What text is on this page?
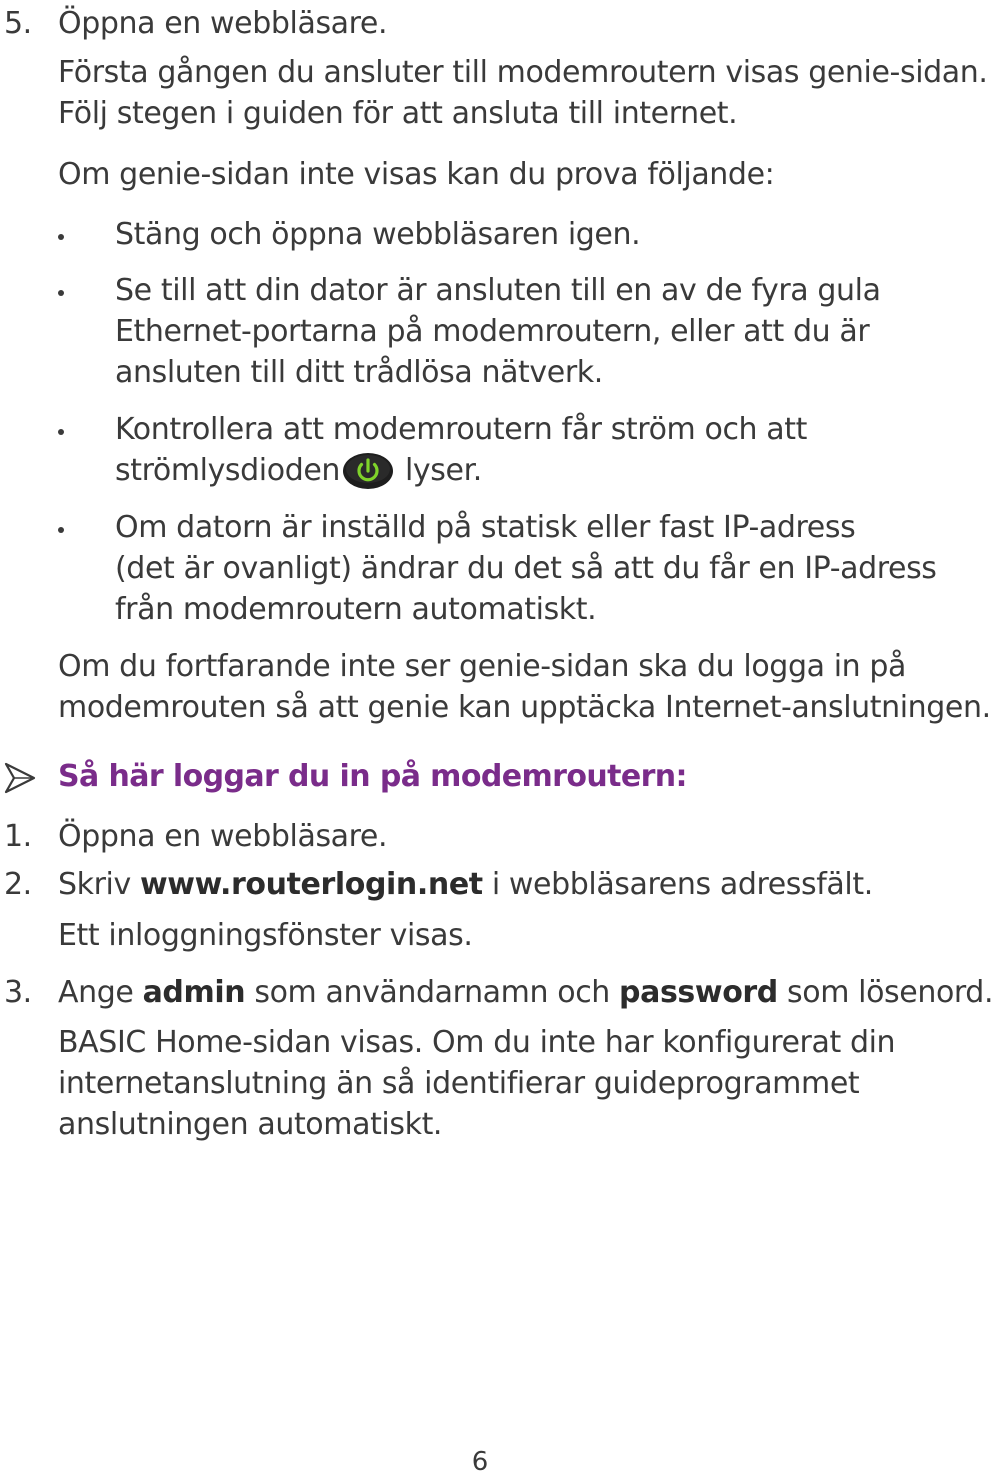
5. Öppna en webbläsare.
Första gången du ansluter till modemroutern visas genie-sidan.
Följ stegen i guiden för att ansluta till internet.
Om genie-sidan inte visas kan du prova följande:
Stäng och öppna webbläsaren igen.
Se till att din dator är ansluten till en av de fyra gula
Ethernet-portarna på modemroutern, eller att du är
ansluten till ditt trådlösa nätverk.
Kontrollera att modemroutern får ström och att
strömlysdioden lyser.
Om datorn är inställd på statisk eller fast IP-adress
(det är ovanligt) ändrar du det så att du får en IP-adress
från modemroutern automatiskt.
Om du fortfarande inte ser genie-sidan ska du logga in på
modemrouten så att genie kan upptäcka Internet-anslutningen.
Så här loggar du in på modemroutern:
1. Öppna en webbläsare.
2. Skriv www.routerlogin.net i webbläsarens adressfält.
Ett inloggningsfönster visas.
3. Ange admin som användarnamn och password som lösenord.
BASIC Home-sidan visas. Om du inte har konfigurerat din
internetanslutning än så identifierar guideprogrammet
anslutningen automatiskt.
6
